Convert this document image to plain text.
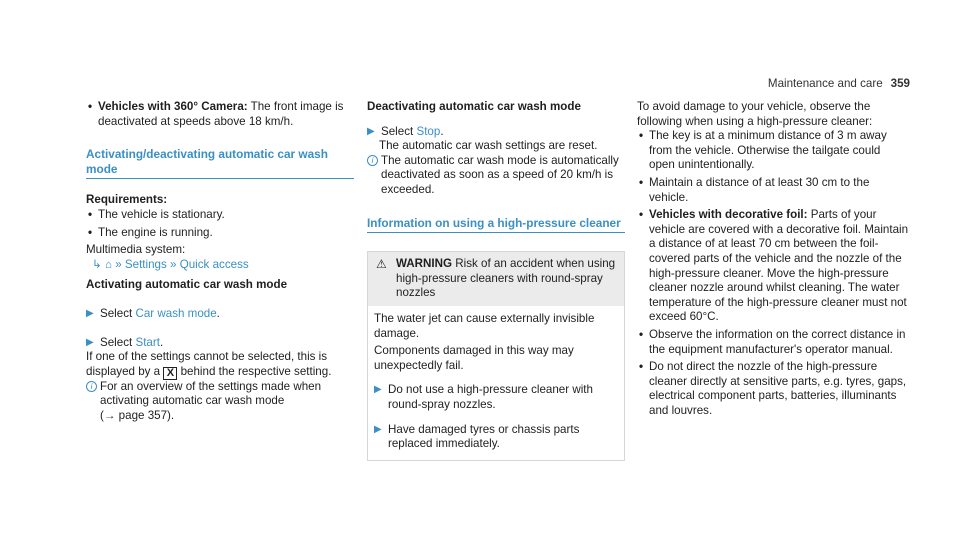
Maintenance and care 359

• Vehicles with 360° Camera: The front image is deactivated at speeds above 18 km/h.

Activating/deactivating automatic car wash mode

Requirements:

• The vehicle is stationary.

• The engine is running.

Multimedia system:

↳ ⌂ » Settings » Quick access

Activating automatic car wash mode

▶ Select Car wash mode.

▶ Select Start.

If one of the settings cannot be selected, this is displayed by a X behind the respective setting.

i For an overview of the settings made when activating automatic car wash mode
(→ page 357).

Deactivating automatic car wash mode

▶ Select Stop.

The automatic car wash settings are reset.

i The automatic car wash mode is automatically deactivated as soon as a speed of 20 km/h is exceeded.

Information on using a high-pressure cleaner

⚠ WARNING Risk of an accident when using high-pressure cleaners with round-spray nozzles

The water jet can cause externally invisible damage.

Components damaged in this way may unexpectedly fail.

▶ Do not use a high-pressure cleaner with round-spray nozzles.

▶ Have damaged tyres or chassis parts replaced immediately.

To avoid damage to your vehicle, observe the following when using a high-pressure cleaner:

• The key is at a minimum distance of 3 m away from the vehicle. Otherwise the tailgate could open unintentionally.

• Maintain a distance of at least 30 cm to the vehicle.

• Vehicles with decorative foil: Parts of your vehicle are covered with a decorative foil. Maintain a distance of at least 70 cm between the foil-covered parts of the vehicle and the nozzle of the high-pressure cleaner. Move the high-pressure cleaner nozzle around whilst cleaning. The water temperature of the high-pressure cleaner must not exceed 60°C.

• Observe the information on the correct distance in the equipment manufacturer's operator manual.

• Do not direct the nozzle of the high-pressure cleaner directly at sensitive parts, e.g. tyres, gaps, electrical component parts, batteries, illuminants and louvres.
